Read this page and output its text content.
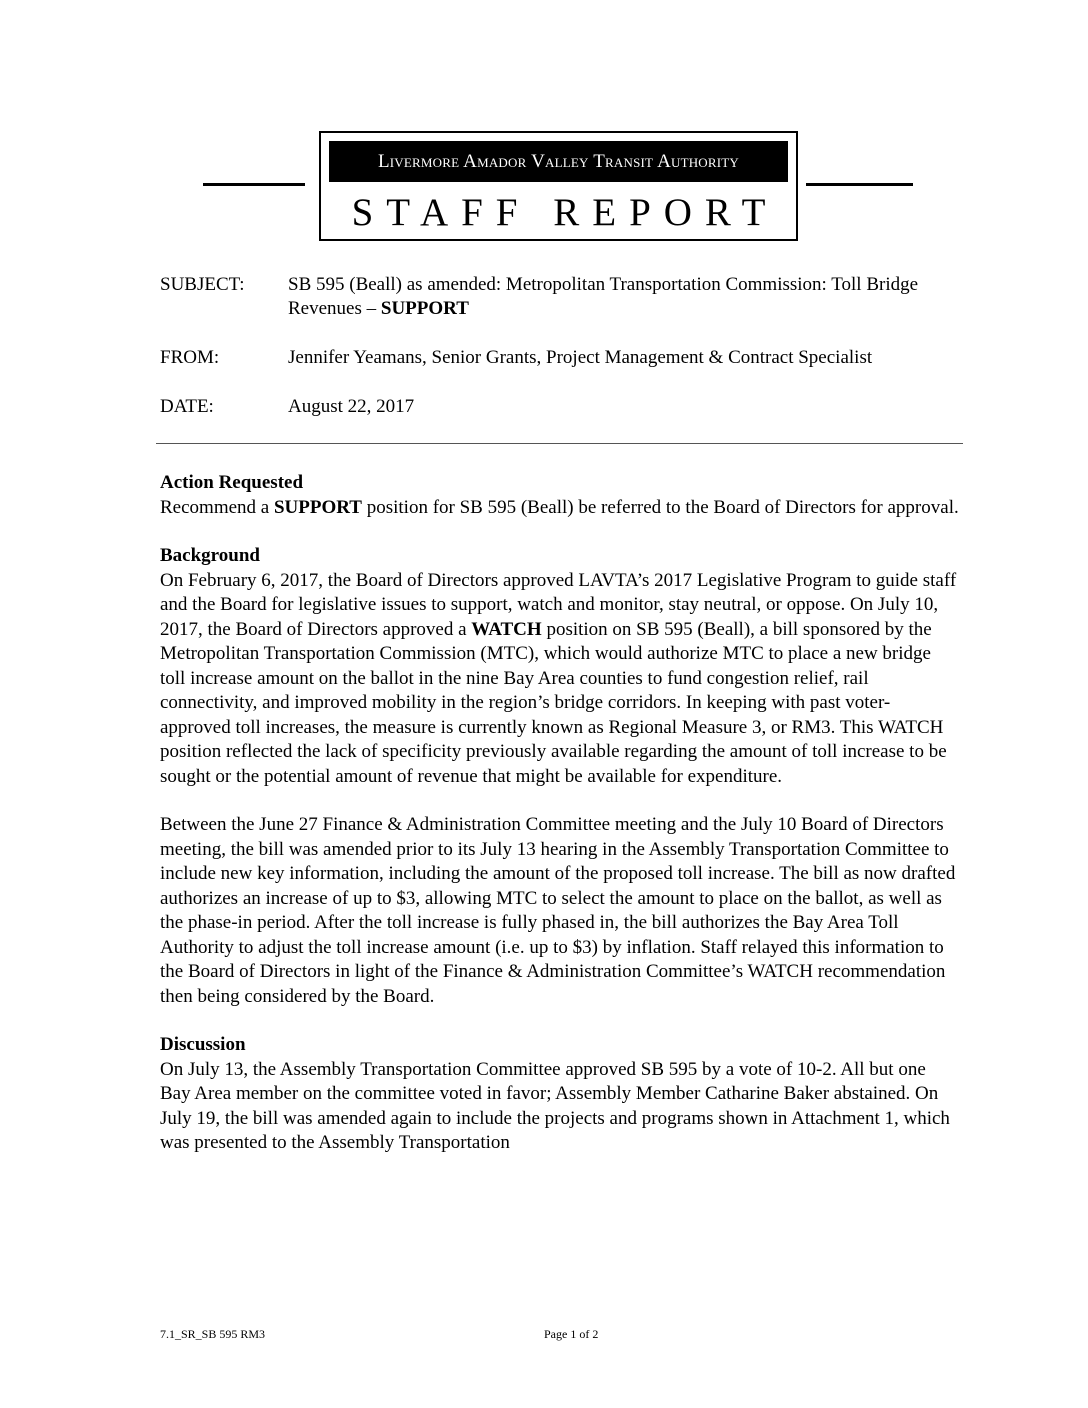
Livermore Amador Valley Transit Authority
STAFF REPORT
SUBJECT:	SB 595 (Beall) as amended: Metropolitan Transportation Commission: Toll Bridge Revenues – SUPPORT
FROM:	Jennifer Yeamans, Senior Grants, Project Management & Contract Specialist
DATE:	August 22, 2017
Action Requested

Recommend a SUPPORT position for SB 595 (Beall) be referred to the Board of Directors for approval.

Background

On February 6, 2017, the Board of Directors approved LAVTA’s 2017 Legislative Program to guide staff and the Board for legislative issues to support, watch and monitor, stay neutral, or oppose. On July 10, 2017, the Board of Directors approved a WATCH position on SB 595 (Beall), a bill sponsored by the Metropolitan Transportation Commission (MTC), which would authorize MTC to place a new bridge toll increase amount on the ballot in the nine Bay Area counties to fund congestion relief, rail connectivity, and improved mobility in the region’s bridge corridors. In keeping with past voter-approved toll increases, the measure is currently known as Regional Measure 3, or RM3. This WATCH position reflected the lack of specificity previously available regarding the amount of toll increase to be sought or the potential amount of revenue that might be available for expenditure.

Between the June 27 Finance & Administration Committee meeting and the July 10 Board of Directors meeting, the bill was amended prior to its July 13 hearing in the Assembly Transportation Committee to include new key information, including the amount of the proposed toll increase. The bill as now drafted authorizes an increase of up to $3, allowing MTC to select the amount to place on the ballot, as well as the phase-in period. After the toll increase is fully phased in, the bill authorizes the Bay Area Toll Authority to adjust the toll increase amount (i.e. up to $3) by inflation. Staff relayed this information to the Board of Directors in light of the Finance & Administration Committee’s WATCH recommendation then being considered by the Board.

Discussion

On July 13, the Assembly Transportation Committee approved SB 595 by a vote of 10-2. All but one Bay Area member on the committee voted in favor; Assembly Member Catharine Baker abstained. On July 19, the bill was amended again to include the projects and programs shown in Attachment 1, which was presented to the Assembly Transportation

7.1_SR_SB 595 RM3	Page 1 of 2
